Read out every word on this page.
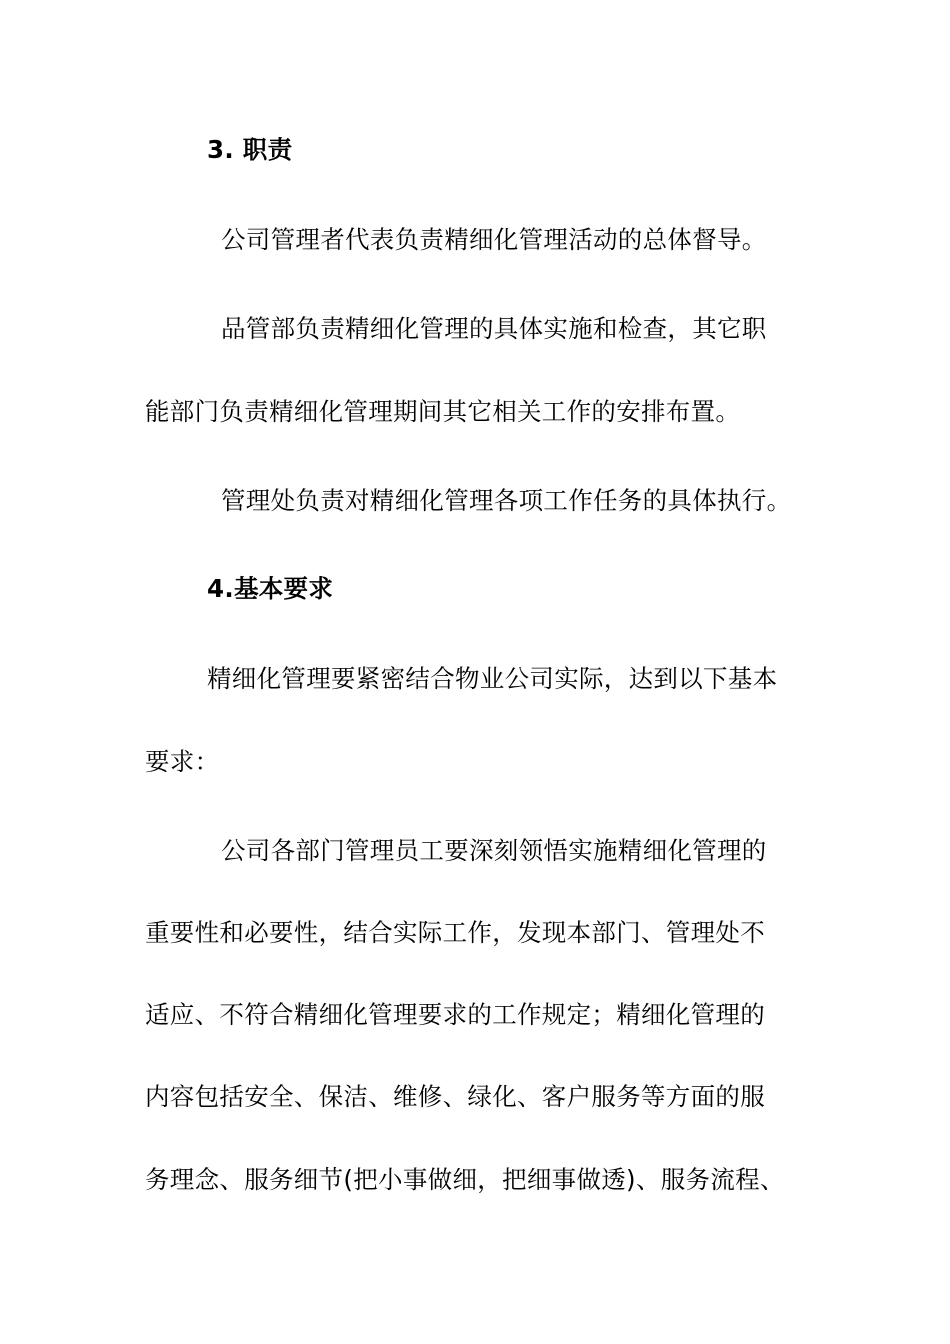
3. 职责
公司管理者代表负责精细化管理活动的总体督导。
品管部负责精细化管理的具体实施和检查，其它职
能部门负责精细化管理期间其它相关工作的安排布置。
管理处负责对精细化管理各项工作任务的具体执行。
4.基本要求
精细化管理要紧密结合物业公司实际，达到以下基本
要求：
公司各部门管理员工要深刻领悟实施精细化管理的
重要性和必要性，结合实际工作，发现本部门、管理处不
适应、不符合精细化管理要求的工作规定；精细化管理的
内容包括安全、保洁、维修、绿化、客户服务等方面的服
务理念、服务细节(把小事做细，把细事做透)、服务流程、
